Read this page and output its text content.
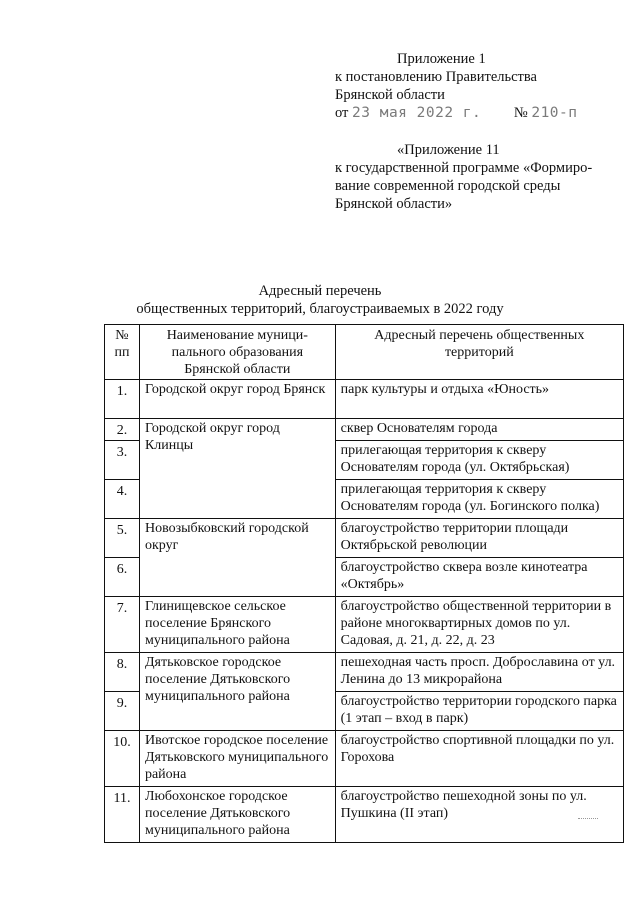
Приложение 1
к постановлению Правительства
Брянской области
от 23 мая 2022 г. № 210-п
«Приложение 11
к государственной программе «Формиро-
вание современной городской среды
Брянской области»
Адресный перечень
общественных территорий, благоустраиваемых в 2022 году
№ пп	Наименование муници-пального образования Брянской области	Адресный перечень общественных территорий
1.	Городской округ город Брянск	парк культуры и отдыха «Юность»
2.	Городской округ город Клинцы	сквер Основателям города
3.		прилегающая территория к скверу Основателям города (ул. Октябрьская)
4.		прилегающая территория к скверу Основателям города (ул. Богинского полка)
5.	Новозыбковский городской округ	благоустройство территории площади Октябрьской революции
6.		благоустройство сквера возле кинотеатра «Октябрь»
7.	Глинищевское сельское поселение Брянского муниципального района	благоустройство общественной территории в районе многоквартирных домов по ул. Садовая, д. 21, д. 22, д. 23
8.	Дятьковское городское поселение Дятьковского муниципального района	пешеходная часть просп. Доброславина от ул. Ленина до 13 микрорайона
9.		благоустройство территории городского парка (1 этап – вход в парк)
10.	Ивотское городское поселение Дятьковского муниципального района	благоустройство спортивной площадки по ул. Горохова
11.	Любохонское городское поселение Дятьковского муниципального района	благоустройство пешеходной зоны по ул. Пушкина (II этап)
